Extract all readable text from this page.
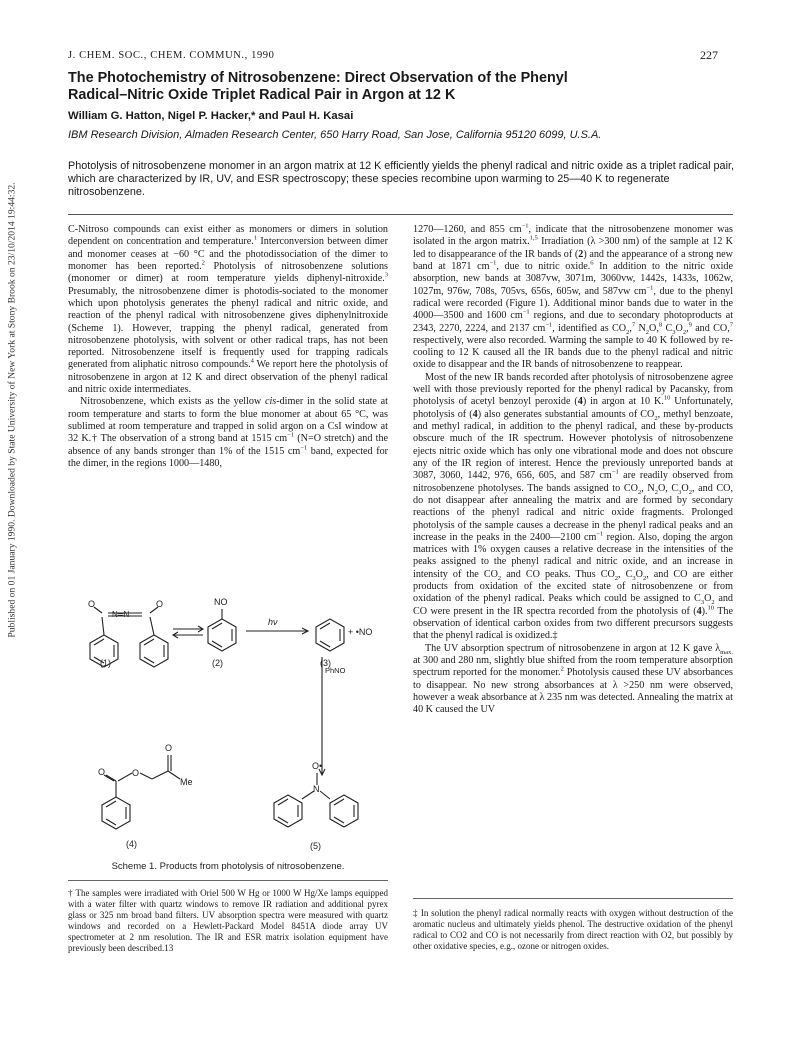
Published on 01 January 1990. Downloaded by State University of New York at Stony Brook on 23/10/2014 19:44:32.
J. CHEM. SOC., CHEM. COMMUN., 1990	227
The Photochemistry of Nitrosobenzene: Direct Observation of the Phenyl
Radical–Nitric Oxide Triplet Radical Pair in Argon at 12 K
William G. Hatton, Nigel P. Hacker,* and Paul H. Kasai
IBM Research Division, Almaden Research Center, 650 Harry Road, San Jose, California 95120 6099, U.S.A.
Photolysis of nitrosobenzene monomer in an argon matrix at 12 K efficiently yields the phenyl radical and nitric oxide as a triplet radical pair, which are characterized by IR, UV, and ESR spectroscopy; these species recombine upon warming to 25—40 K to regenerate nitrosobenzene.

C-Nitroso compounds can exist either as monomers or dimers in solution dependent on concentration and temperature.$^1$ Interconversion between dimer and monomer ceases at −60 °C and the photodissociation of the dimer to monomer has been reported.$^2$ Photolysis of nitrosobenzene solutions (monomer or dimer) at room temperature yields diphenyl-nitroxide.$^3$ Presumably, the nitrosobenzene dimer is photodis-sociated to the monomer which upon photolysis generates the phenyl radical and nitric oxide, and reaction of the phenyl radical with nitrosobenzene gives diphenylnitroxide (Scheme 1). However, trapping the phenyl radical, generated from nitrosobenzene photolysis, with solvent or other radical traps, has not been reported. Nitrosobenzene itself is frequently used for trapping radicals generated from aliphatic nitroso compounds.$^4$ We report here the photolysis of nitrosobenzene in argon at 12 K and direct observation of the phenyl radical and nitric oxide intermediates.

Nitrosobenzene, which exists as the yellow cis-dimer in the solid state at room temperature and starts to form the blue monomer at about 65 °C, was sublimed at room temperature and trapped in solid argon on a CsI window at 32 K.† The observation of a strong band at 1515 $cm^{-1}$ (N=O stretch) and the absence of any bands stronger than 1% of the 1515 $cm^{-1}$ band, expected for the dimer, in the regions 1000—1480,

O
N═N
O	NO
hν
+ •NO
PhNO
O
O	O
Me
O•
N
(1)	(2)	(3)
(4)	(5)
Scheme 1. Products from photolysis of nitrosobenzene.

1270—1260, and 855 $cm^{-1}$, indicate that the nitrosobenzene monomer was isolated in the argon matrix.$^{1,5}$ Irradiation (λ >300 nm) of the sample at 12 K led to disappearance of the IR bands of (2) and the appearance of a strong new band at 1871 $cm^{-1}$, due to nitric oxide.$^6$ In addition to the nitric oxide absorption, new bands at 3087vw, 3071m, 3060vw, 1442s, 1433s, 1062w, 1027m, 976w, 708s, 705vs, 656s, 605w, and 587vw $cm^{-1}$, due to the phenyl radical were recorded (Figure 1). Additional minor bands due to water in the 4000—3500 and 1600 $cm^{-1}$ regions, and due to secondary photoproducts at 2343, 2270, 2224, and 2137 $cm^{-1}$, identified as $CO_2,^7$ $N_2O,^8$ $C_3O_2,^9$ and CO,$^7$ respectively, were also recorded. Warming the sample to 40 K followed by re-cooling to 12 K caused all the IR bands due to the phenyl radical and nitric oxide to disappear and the IR bands of nitrosobenzene to reappear.

Most of the new IR bands recorded after photolysis of nitrosobenzene agree well with those previously reported for the phenyl radical by Pacansky, from photolysis of acetyl benzoyl peroxide (4) in argon at 10 K.$^{10}$ Unfortunately, photolysis of (4) also generates substantial amounts of $CO_2$, methyl benzoate, and methyl radical, in addition to the phenyl radical, and these by-products obscure much of the IR spectrum. However photolysis of nitrosobenzene ejects nitric oxide which has only one vibrational mode and does not obscure any of the IR region of interest. Hence the previously unreported bands at 3087, 3060, 1442, 976, 656, 605, and 587 $cm^{-1}$ are readily observed from nitrosobenzene photolyses. The bands assigned to $CO_2$, $N_2O$, $C_3O_2$, and CO, do not disappear after annealing the matrix and are formed by secondary reactions of the phenyl radical and nitric oxide fragments. Prolonged photolysis of the sample causes a decrease in the phenyl radical peaks and an increase in the peaks in the 2400—2100 $cm^{-1}$ region. Also, doping the argon matrices with 1% oxygen causes a relative decrease in the intensities of the peaks assigned to the phenyl radical and nitric oxide, and an increase in intensity of the $CO_2$ and CO peaks. Thus $CO_2$, $C_3O_2$, and CO are either products from oxidation of the excited state of nitrosobenzene or from oxidation of the phenyl radical. Peaks which could be assigned to $C_3O_2$ and CO were present in the IR spectra recorded from the photolysis of (4).$^{10}$ The observation of identical carbon oxides from two different precursors suggests that the phenyl radical is oxidized.‡

The UV absorption spectrum of nitrosobenzene in argon at 12 K gave $\lambda_{max.}$ at 300 and 280 nm, slightly blue shifted from the room temperature absorption spectrum reported for the monomer.$^2$ Photolysis caused these UV absorbances to disappear. No new strong absorbances at λ >250 nm were observed, however a weak absorbance at λ 235 nm was detected. Annealing the matrix at 40 K caused the UV

† The samples were irradiated with Oriel 500 W Hg or 1000 W Hg/Xe lamps equipped with a water filter with quartz windows to remove IR radiation and additional pyrex glass or 325 nm broad band filters. UV absorption spectra were measured with quartz windows and recorded on a Hewlett-Packard Model 8451A diode array UV spectrometer at 2 nm resolution. The IR and ESR matrix isolation equipment have previously been described.13
‡ In solution the phenyl radical normally reacts with oxygen without destruction of the aromatic nucleus and ultimately yields phenol. The destructive oxidation of the phenyl radical to CO2 and CO is not necessarily from direct reaction with O2, but possibly by other oxidative species, e.g., ozone or nitrogen oxides.
